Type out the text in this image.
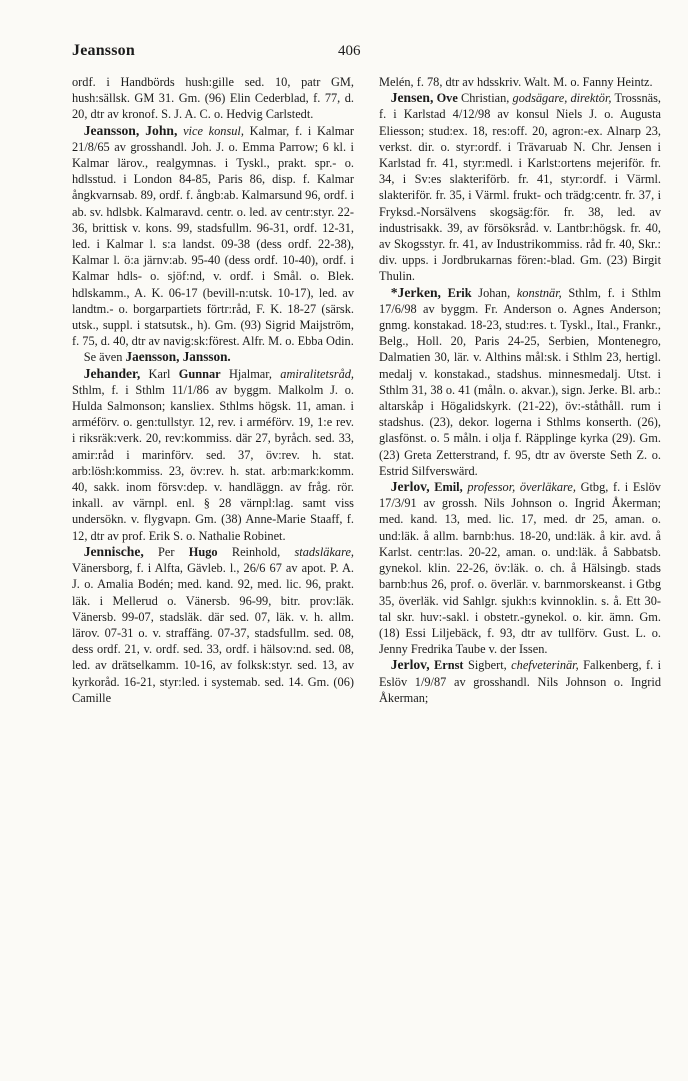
Jeansson	406

ordf. i Handbörds hush:gille sed. 10, patr GM, hush:sällsk. GM 31. Gm. (96) Elin Cederblad, f. 77, d. 20, dtr av kronof. S. J. A. C. o. Hedvig Carlstedt.

Jeansson, John, vice konsul, Kalmar, f. i Kalmar 21/8/65 av grosshandl. Joh. J. o. Emma Parrow; 6 kl. i Kalmar lärov., realgymnas. i Tyskl., prakt. spr.- o. hdlsstud. i London 84-85, Paris 86, disp. f. Kalmar ångkvarnsab. 89, ordf. f. ångb:ab. Kalmarsund 96, ordf. i ab. sv. hdlsbk. Kalmaravd. centr. o. led. av centr:styr. 22-36, brittisk v. kons. 99, stadsfullm. 96-31, ordf. 12-31, led. i Kalmar l. s:a landst. 09-38 (dess ordf. 22-38), Kalmar l. ö:a järnv:ab. 95-40 (dess ordf. 10-40), ordf. i Kalmar hdls- o. sjöf:nd, v. ordf. i Smål. o. Blek. hdlskamm., A. K. 06-17 (bevill-n:utsk. 10-17), led. av landtm.- o. borgarpartiets förtr:råd, F. K. 18-27 (särsk. utsk., suppl. i statsutsk., h). Gm. (93) Sigrid Maijström, f. 75, d. 40, dtr av navig:sk:förest. Alfr. M. o. Ebba Odin.

Se även Jaensson, Jansson.

Jehander, Karl Gunnar Hjalmar, amiralitetsråd, Sthlm, f. i Sthlm 11/1/86 av byggm. Malkolm J. o. Hulda Salmonson; kansliex. Sthlms högsk. 11, aman. i arméförv. o. gen:tullstyr. 12, rev. i arméförv. 19, 1:e rev. i riksräk:verk. 20, rev:kommiss. där 27, byråch. sed. 33, amir:råd i marinförv. sed. 37, öv:rev. h. stat. arb:lösh:kommiss. 23, öv:rev. h. stat. arb:mark:komm. 40, sakk. inom försv:dep. v. handläggn. av fråg. rör. inkall. av värnpl. enl. § 28 värnpl:lag. samt viss undersökn. v. flygvapn. Gm. (38) Anne-Marie Staaff, f. 12, dtr av prof. Erik S. o. Nathalie Robinet.

Jennische, Per Hugo Reinhold, stadsläkare, Vänersborg, f. i Alfta, Gävleb. l., 26/6 67 av apot. P. A. J. o. Amalia Bodén; med. kand. 92, med. lic. 96, prakt. läk. i Mellerud o. Vänersb. 96-99, bitr. prov:läk. Vänersb. 99-07, stadsläk. där sed. 07, läk. v. h. allm. lärov. 07-31 o. v. straffäng. 07-37, stadsfullm. sed. 08, dess ordf. 21, v. ordf. sed. 33, ordf. i hälsov:nd. sed. 08, led. av drätselkamm. 10-16, av folksk:styr. sed. 13, av kyrkoråd. 16-21, styr:led. i systemab. sed. 14. Gm. (06) Camille

Melén, f. 78, dtr av hdsskriv. Walt. M. o. Fanny Heintz.

Jensen, Ove Christian, godsägare, direktör, Trossnäs, f. i Karlstad 4/12/98 av konsul Niels J. o. Augusta Eliesson; stud:ex. 18, res:off. 20, agron:-ex. Alnarp 23, verkst. dir. o. styr:ordf. i Trävaruab N. Chr. Jensen i Karlstad fr. 41, styr:medl. i Karlst:ortens mejeriför. fr. 34, i Sv:es slakteriförb. fr. 41, styr:ordf. i Värml. slakteriför. fr. 35, i Värml. frukt- och trädg:centr. fr. 37, i Fryksd.-Norsälvens skogsäg:för. fr. 38, led. av industrisakk. 39, av försöksråd. v. Lantbr:högsk. fr. 40, av Skogsstyr. fr. 41, av Industrikommiss. råd fr. 40, Skr.: div. upps. i Jordbrukarnas fören:-blad. Gm. (23) Birgit Thulin.

*Jerken, Erik Johan, konstnär, Sthlm, f. i Sthlm 17/6/98 av byggm. Fr. Anderson o. Agnes Anderson; gnmg. konstakad. 18-23, stud:res. t. Tyskl., Ital., Frankr., Belg., Holl. 20, Paris 24-25, Serbien, Montenegro, Dalmatien 30, lär. v. Althins mål:sk. i Sthlm 23, hertigl. medalj v. konstakad., stadshus. minnesmedalj. Utst. i Sthlm 31, 38 o. 41 (måln. o. akvar.), sign. Jerke. Bl. arb.: altarskåp i Högalidskyrk. (21-22), öv:-ståthåll. rum i stadshus. (23), dekor. logerna i Sthlms konserth. (26), glasfönst. o. 5 måln. i olja f. Räpplinge kyrka (29). Gm. (23) Greta Zetterstrand, f. 95, dtr av överste Seth Z. o. Estrid Silfverswärd.

Jerlov, Emil, professor, överläkare, Gtbg, f. i Eslöv 17/3/91 av grossh. Nils Johnson o. Ingrid Åkerman; med. kand. 13, med. lic. 17, med. dr 25, aman. o. und:läk. å allm. barnb:hus. 18-20, und:läk. å kir. avd. å Karlst. centr:las. 20-22, aman. o. und:läk. å Sabbatsb. gynekol. klin. 22-26, öv:läk. o. ch. å Hälsingb. stads barnb:hus 26, prof. o. överlär. v. barnmorskeanst. i Gtbg 35, överläk. vid Sahlgr. sjukh:s kvinnoklin. s. å. Ett 30-tal skr. huv:-sakl. i obstetr.-gynekol. o. kir. ämn. Gm. (18) Essi Liljebäck, f. 93, dtr av tullförv. Gust. L. o. Jenny Fredrika Taube v. der Issen.

Jerlov, Ernst Sigbert, chefveterinär, Falkenberg, f. i Eslöv 1/9/87 av grosshandl. Nils Johnson o. Ingrid Åkerman;
